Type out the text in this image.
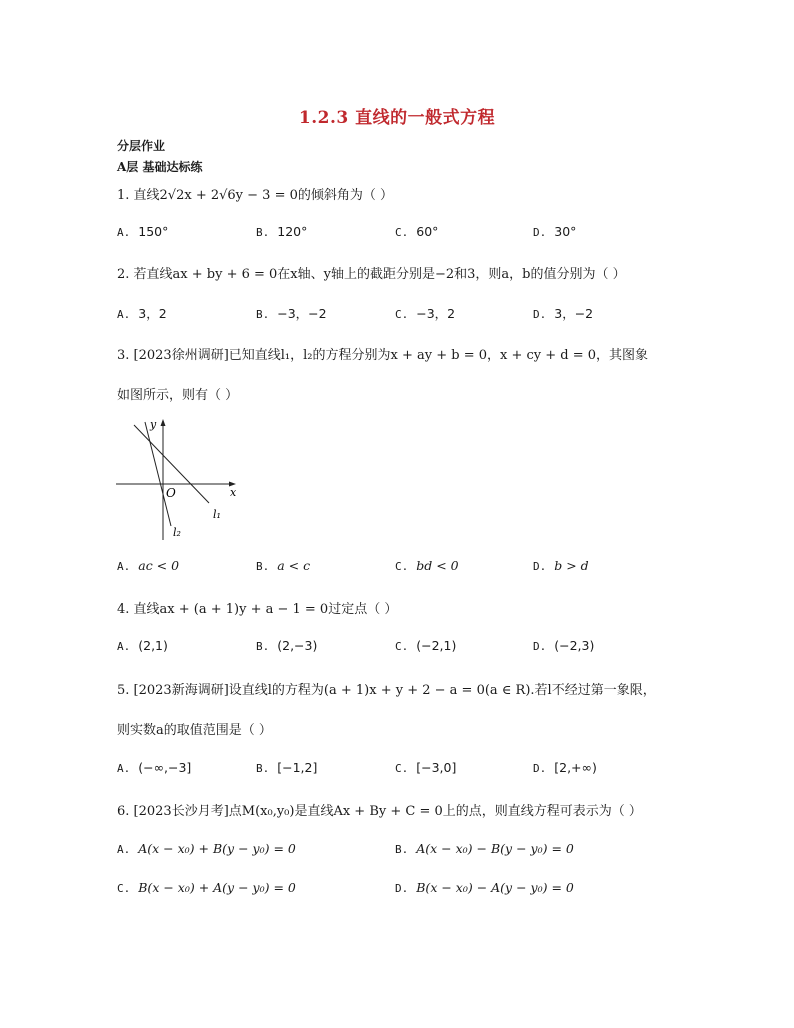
1.2.3 直线的一般式方程
分层作业
A层 基础达标练
1. 直线2√2x + 2√6y − 3 = 0的倾斜角为（ ）
A. 150°	B. 120°	C. 60°	D. 30°
2. 若直线ax + by + 6 = 0在x轴、y轴上的截距分别是−2和3，则a，b的值分别为（ ）
A. 3，2	B. −3，−2	C. −3，2	D. 3，−2
3. [2023徐州调研]已知直线l₁，l₂的方程分别为x + ay + b = 0，x + cy + d = 0，其图象
如图所示，则有（ ）
x
y
O
l₁
l₂
A. ac < 0	B. a < c	C. bd < 0	D. b > d
4. 直线ax + (a + 1)y + a − 1 = 0过定点（ ）
A. (2,1)	B. (2,−3)	C. (−2,1)	D. (−2,3)
5. [2023新海调研]设直线l的方程为(a + 1)x + y + 2 − a = 0(a ∈ R).若l不经过第一象限，
则实数a的取值范围是（ ）
A. (−∞,−3]	B. [−1,2]	C. [−3,0]	D. [2,+∞)
6. [2023长沙月考]点M(x₀,y₀)是直线Ax + By + C = 0上的点，则直线方程可表示为（ ）
A. A(x − x₀) + B(y − y₀) = 0	B. A(x − x₀) − B(y − y₀) = 0
C. B(x − x₀) + A(y − y₀) = 0	D. B(x − x₀) − A(y − y₀) = 0
